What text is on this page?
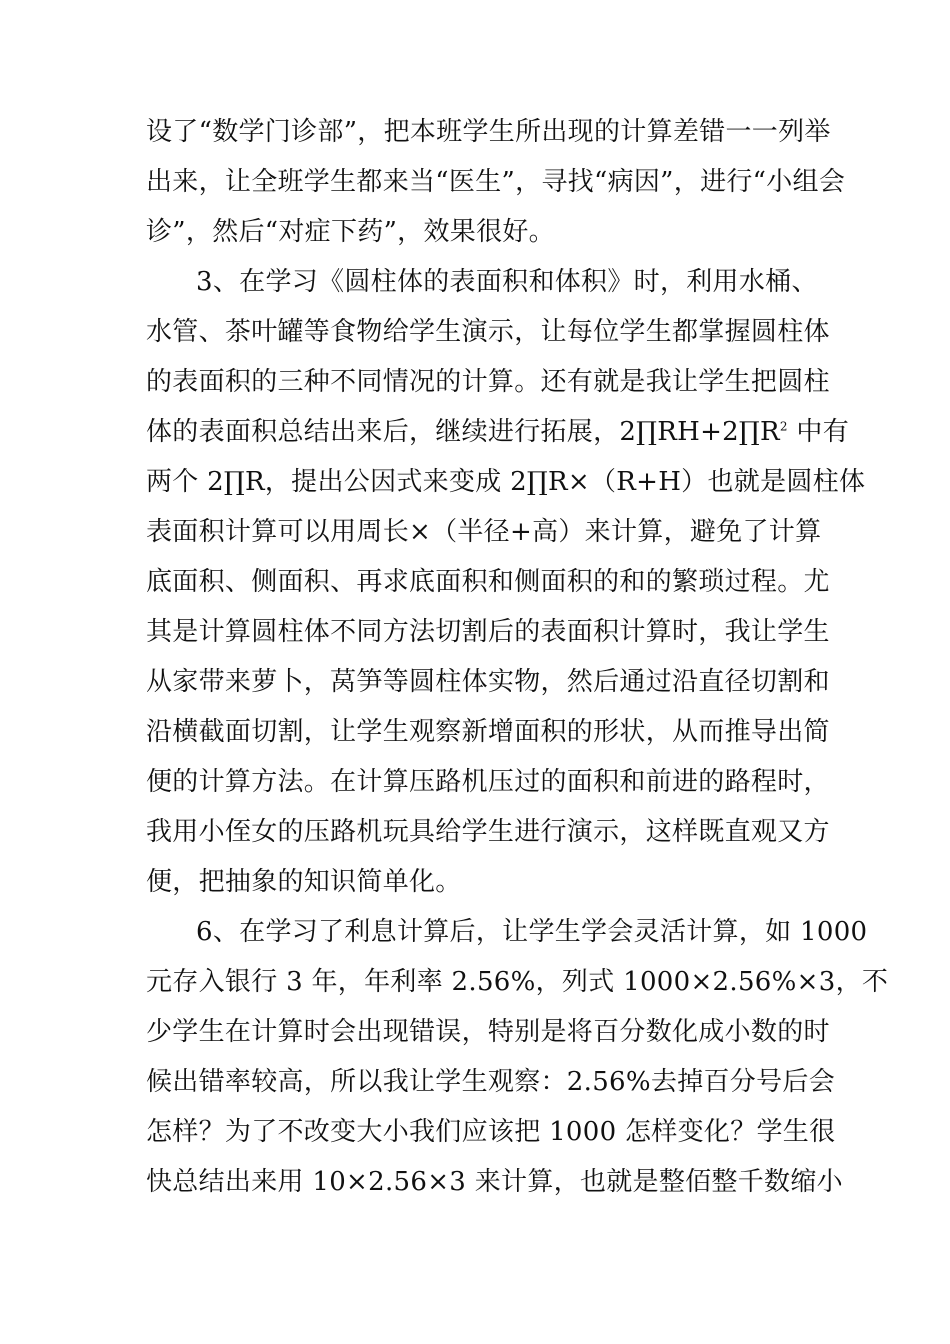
设了“数学门诊部”，把本班学生所出现的计算差错一一列举
出来，让全班学生都来当“医生”，寻找“病因”，进行“小组会
诊”，然后“对症下药”，效果很好。
3、在学习《圆柱体的表面积和体积》时，利用水桶、
水管、茶叶罐等食物给学生演示，让每位学生都掌握圆柱体
的表面积的三种不同情况的计算。还有就是我让学生把圆柱
体的表面积总结出来后，继续进行拓展，$2\prod RH+2\prod R^2$ 中有
两个 2∏R，提出公因式来变成 2∏R×（R+H）也就是圆柱体
表面积计算可以用周长×（半径+高）来计算，避免了计算
底面积、侧面积、再求底面积和侧面积的和的繁琐过程。尤
其是计算圆柱体不同方法切割后的表面积计算时，我让学生
从家带来萝卜，莴笋等圆柱体实物，然后通过沿直径切割和
沿横截面切割，让学生观察新增面积的形状，从而推导出简
便的计算方法。在计算压路机压过的面积和前进的路程时，
我用小侄女的压路机玩具给学生进行演示，这样既直观又方
便，把抽象的知识简单化。
6、在学习了利息计算后，让学生学会灵活计算，如 1000
元存入银行 3 年，年利率 2.56%，列式 1000×2.56%×3，不
少学生在计算时会出现错误，特别是将百分数化成小数的时
候出错率较高，所以我让学生观察：2.56%去掉百分号后会
怎样？为了不改变大小我们应该把 1000 怎样变化？学生很
快总结出来用 10×2.56×3 来计算，也就是整佰整千数缩小
